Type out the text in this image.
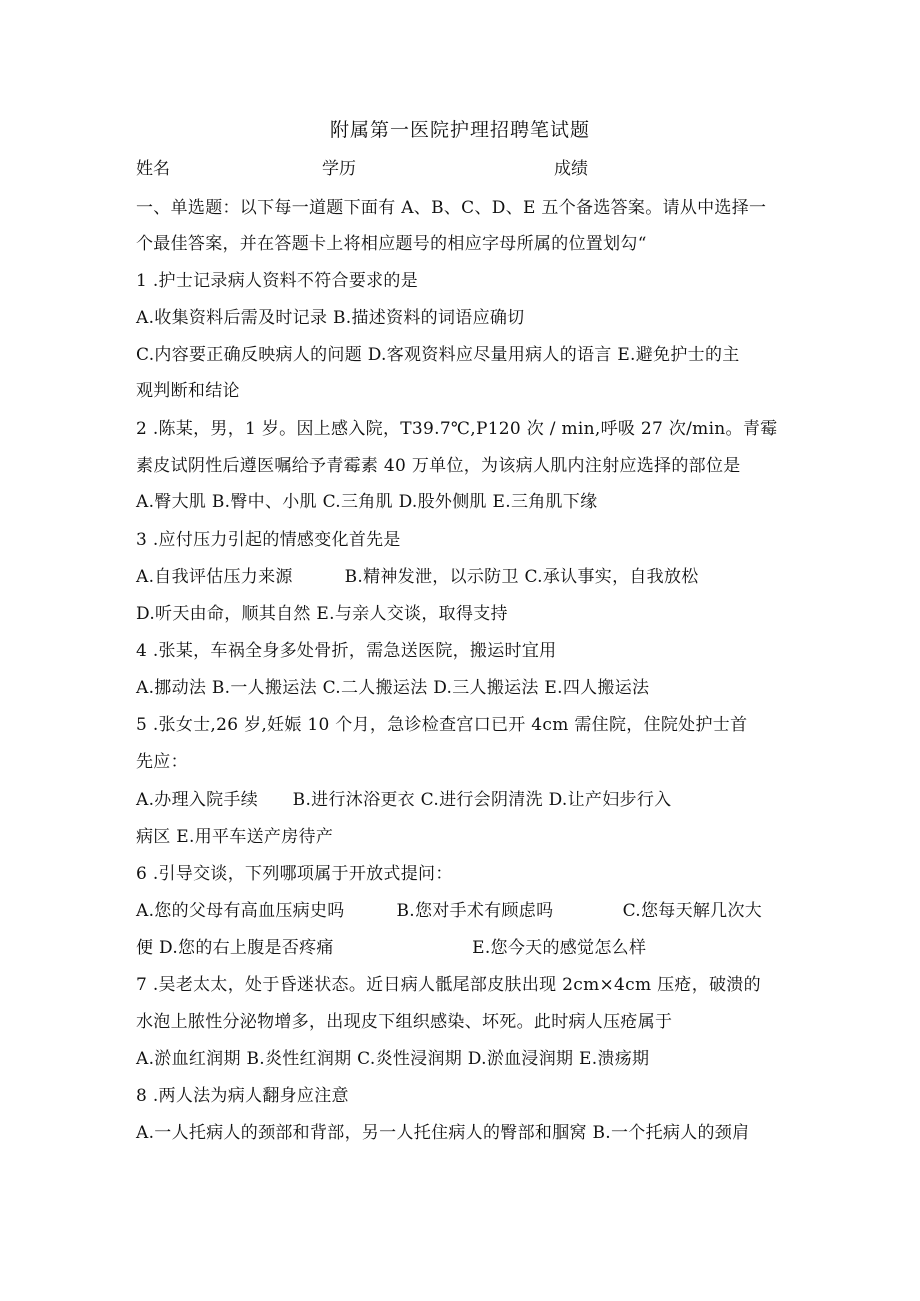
附属第一医院护理招聘笔试题
姓名	学历	成绩
一、单选题：以下每一道题下面有 A、B、C、D、E 五个备选答案。请从中选择一
个最佳答案，并在答题卡上将相应题号的相应字母所属的位置划勾“
1 .护士记录病人资料不符合要求的是
A.收集资料后需及时记录 B.描述资料的词语应确切
C.内容要正确反映病人的问题 D.客观资料应尽量用病人的语言 E.避免护士的主
观判断和结论
2 .陈某，男，1 岁。因上感入院，T39.7℃,P120 次 / min,呼吸 27 次/min。青霉
素皮试阴性后遵医嘱给予青霉素 40 万单位，为该病人肌内注射应选择的部位是
A.臀大肌 B.臀中、小肌 C.三角肌 D.股外侧肌 E.三角肌下缘
3 .应付压力引起的情感变化首先是
A.自我评估压力来源　　　B.精神发泄，以示防卫 C.承认事实，自我放松
D.听天由命，顺其自然 E.与亲人交谈，取得支持
4 .张某，车祸全身多处骨折，需急送医院，搬运时宜用
A.挪动法 B.一人搬运法 C.二人搬运法 D.三人搬运法 E.四人搬运法
5 .张女士,26 岁,妊娠 10 个月，急诊检查宫口已开 4cm 需住院，住院处护士首
先应：
A.办理入院手续　　B.进行沐浴更衣 C.进行会阴清洗 D.让产妇步行入
病区 E.用平车送产房待产
6 .引导交谈，下列哪项属于开放式提问：
A.您的父母有高血压病史吗　　　B.您对手术有顾虑吗　　　　C.您每天解几次大
便 D.您的右上腹是否疼痛　　　　　　　　E.您今天的感觉怎么样
7 .吴老太太，处于昏迷状态。近日病人骶尾部皮肤出现 2cm×4cm 压疮，破溃的
水泡上脓性分泌物增多，出现皮下组织感染、坏死。此时病人压疮属于
A.淤血红润期 B.炎性红润期 C.炎性浸润期 D.淤血浸润期 E.溃疡期
8 .两人法为病人翻身应注意
A.一人托病人的颈部和背部，另一人托住病人的臀部和腘窝 B.一个托病人的颈肩
